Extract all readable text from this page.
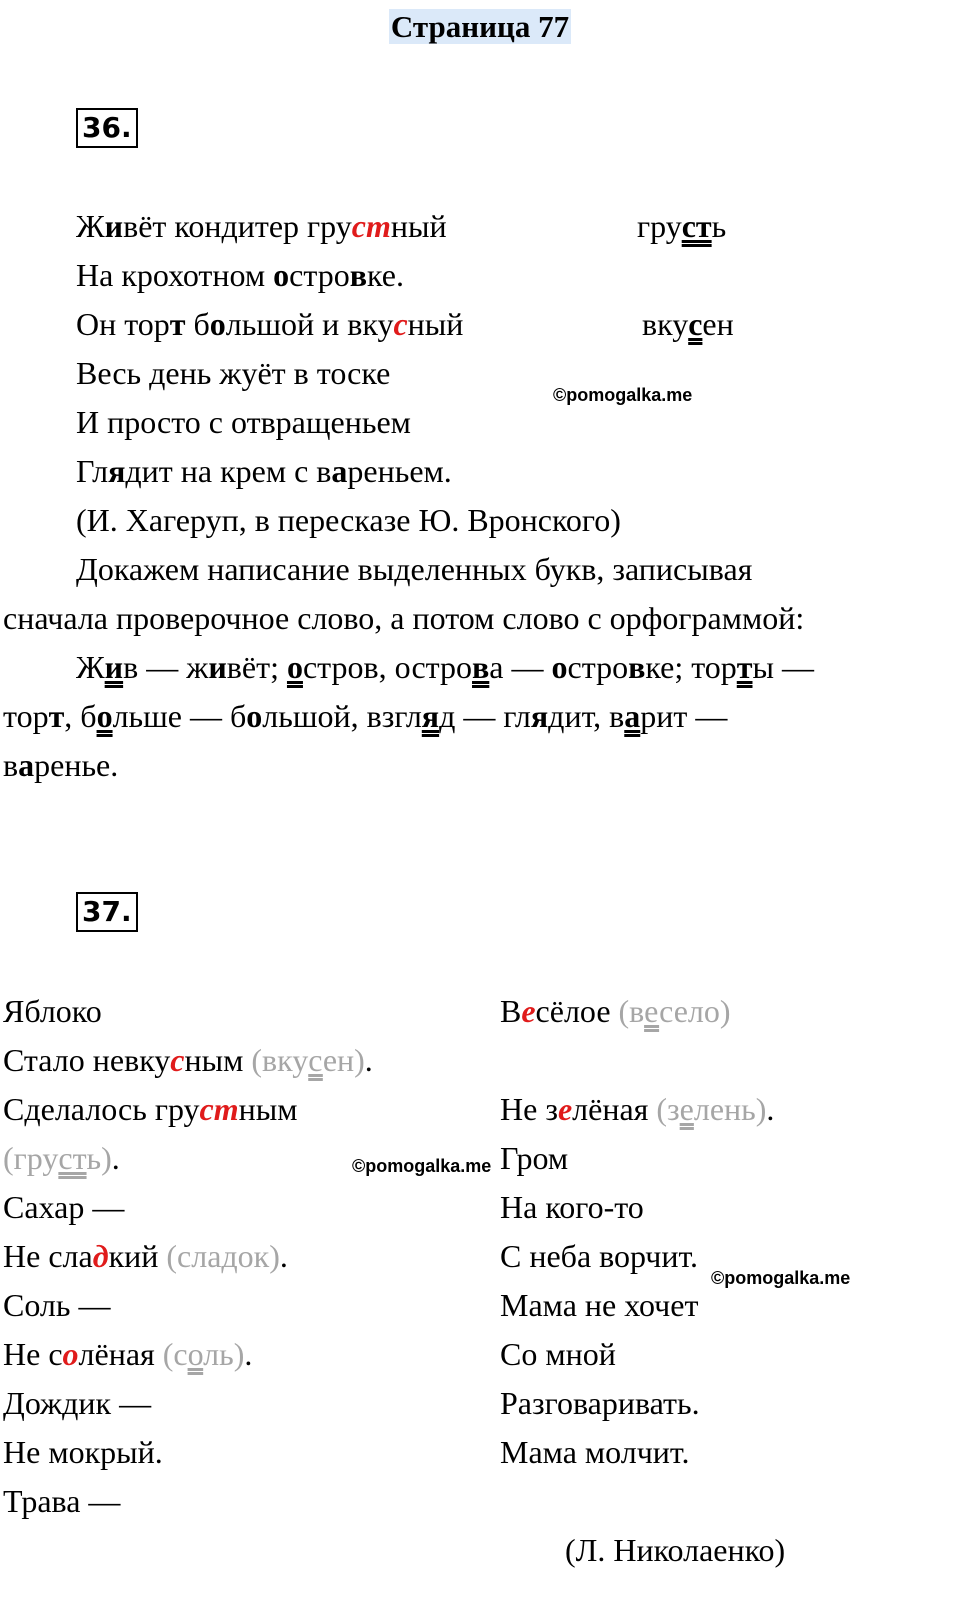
Страница 77
36.
Живёт кондитер грустный
На крохотном островке.
Он торт большой и вкусный
Весь день жуёт в тоске
И просто с отвращеньем
Глядит на крем с вареньем.
грусть
вкусен
©pomogalka.me
(И. Хагеруп, в пересказе Ю. Вронского)
Докажем написание выделенных букв, записывая
сначала проверочное слово, а потом слово с орфограммой:
Жив — живёт; остров, острова — островке; торты —
торт, больше — большой, взгляд — глядит, варит —
варенье.
37.
Яблоко
Стало невкусным (вкусен).
Сделалось грустным
(грусть).
Сахар —
Не сладкий (сладок).
Соль —
Не солёная (соль).
Дождик —
Не мокрый.
Трава —
Весёлое (весело)
Не зелёная (зелень).
©pomogalka.me Гром
На кого-то
С неба ворчит.
©pomogalka.me
Мама не хочет
Со мной
Разговаривать.
Мама молчит.
(Л. Николаенко)
